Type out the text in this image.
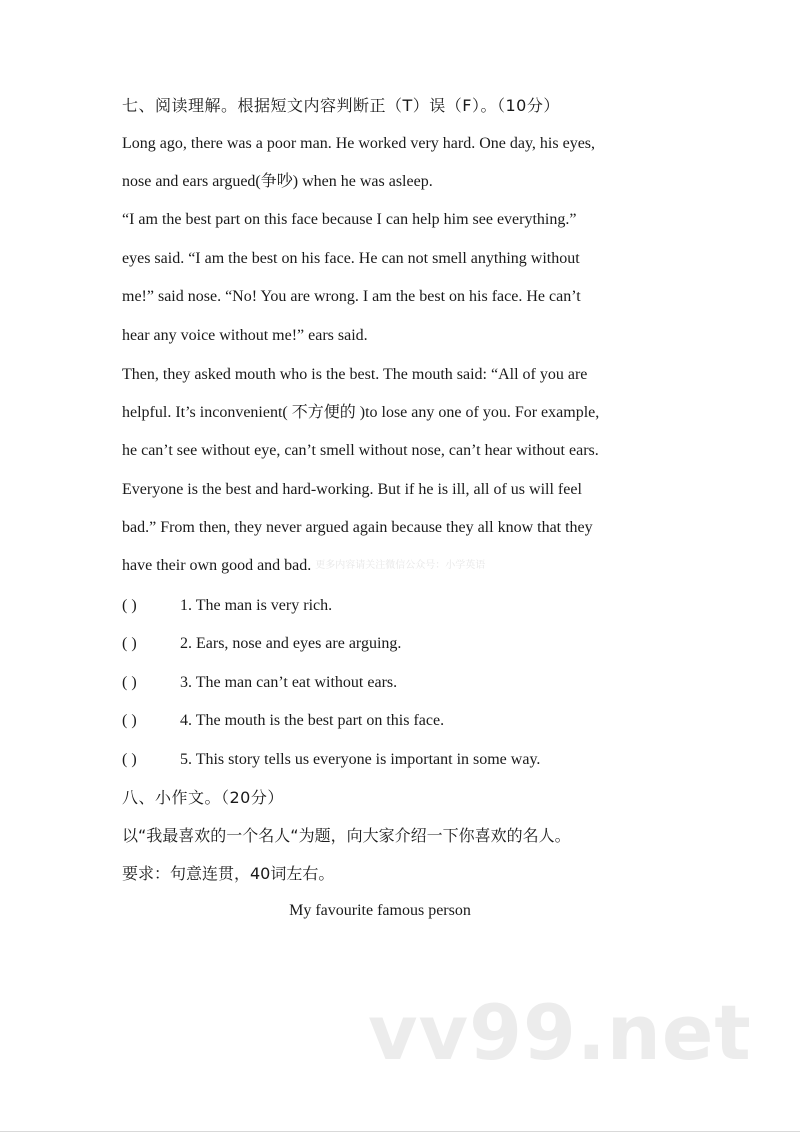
七、阅读理解。根据短文内容判断正（T）误（F）。（10分）
Long ago, there was a poor man. He worked very hard. One day, his eyes,
nose and ears argued(争吵) when he was asleep.
“I am the best part on this face because I can help him see everything.”
eyes said. “I am the best on his face. He can not smell anything without
me!” said nose. “No! You are wrong. I am the best on his face. He can’t
hear any voice without me!” ears said.
Then, they asked mouth who is the best. The mouth said: “All of you are
helpful. It’s inconvenient( 不方便的 )to lose any one of you. For example,
he can’t see without eye, can’t smell without nose, can’t hear without ears.
Everyone is the best and hard-working. But if he is ill, all of us will feel
bad.” From then, they never argued again because they all know that they
have their own good and bad. 更多内容请关注微信公众号：小学英语
( )	1. The man is very rich.
( )	2. Ears, nose and eyes are arguing.
( )	3. The man can’t eat without ears.
( )	4. The mouth is the best part on this face.
( )	5. This story tells us everyone is important in some way.
八、小作文。（20分）
以“我最喜欢的一个名人“为题，向大家介绍一下你喜欢的名人。
要求：句意连贯，40词左右。
My favourite famous person
vv99.net
